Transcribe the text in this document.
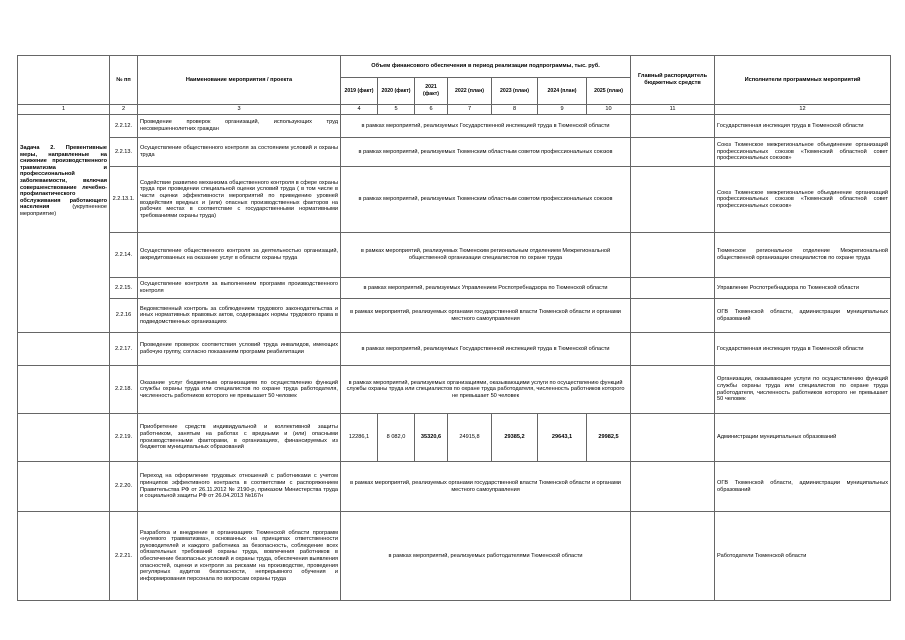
	№ пп	Наименование мероприятия / проекта	Объем финансового обеспечения в период реализации подпрограммы, тыс. руб.							Главный распорядитель бюджетных средств	Исполнители программных мероприятий
			2019 (факт)	2020 (факт)	2021 (факт)	2022 (план)	2023 (план)	2024 (план)	2025 (план)		
1	2	3	4	5	6	7	8	9	10	11	12
Задача 2. Превентивные меры, направленные на снижение производственного травматизма и профессиональной заболеваемости, включая совершенствование лечебно-профилактического обслуживания работающего населения (укрупненное мероприятие)	2.2.12.	Проведение проверок организаций, использующих труд несовершеннолетних граждан	в рамках мероприятий, реализуемых Государственной инспекцией труда в Тюменской области								Государственная инспекция труда в Тюменской области
	2.2.13.	Осуществление общественного контроля за состоянием условий и охраны труда	в рамках мероприятий, реализуемых Тюменским областным советом профессиональных союзов								Союз Тюменское межрегиональное объединение организаций профессиональных союзов «Тюменский областной совет профессиональных союзов»
	2.2.13.1.	Содействие развитию механизма общественного контроля в сфере охраны труда при проведении специальной оценки условий труда ( в том числе в части оценки эффективности мероприятий по приведению уровней воздействия вредных и (или) опасных производственных факторов на рабочих местах в соответствие с государственными нормативными требованиями охраны труда)	в рамках мероприятий, реализуемых Тюменским областным советом профессиональных союзов								Союз Тюменское межрегиональное объединение организаций профессиональных союзов «Тюменский областной совет профессиональных союзов»
	2.2.14.	Осуществление общественного контроля за деятельностью организаций, аккредитованных на оказание услуг в области охраны труда	в рамках мероприятий, реализуемых Тюменским региональным отделением Межрегиональной общественной организации специалистов по охране труда								Тюменское региональное отделение Межрегиональной общественной организации специалистов по охране труда
	2.2.15.	Осуществление контроля за выполнением программ производственного контроля	в рамках мероприятий, реализуемых Управлением Роспотребнадзора по Тюменской области								Управление Роспотребнадзора по Тюменской области
	2.2.16	Ведомственный контроль за соблюдением трудового законодательства и иных нормативных правовых актов, содержащих нормы трудового права в подведомственных организациях	в рамках мероприятий, реализуемых органами государственной власти Тюменской области и органами местного самоуправления								ОГВ Тюменской области, администрации муниципальных образований
	2.2.17.	Проведение проверок соответствия условий труда инвалидов, имеющих рабочую группу, согласно показаниям программ реабилитации	в рамках мероприятий, реализуемых Государственной инспекцией труда в Тюменской области								Государственная инспекция труда в Тюменской области
	2.2.18.	Оказание услуг бюджетным организациям по осуществлению функций службы охраны труда или специалистов по охране труда работодателя, численность работников которого не превышает 50 человек	в рамках мероприятий, реализуемых организациями, оказывающими услуги по осуществлению функций службы охраны труда или специалистов по охране труда работодателя, численность работников которого не превышает 50 человек								Организации, оказывающие услуги по осуществлению функций службы охраны труда или специалистов по охране труда работодателя, численность работников которого не превышает 50 человек
	2.2.19.	Приобретение средств индивидуальной и коллективной защиты работником, занятым на работах с вредными и (или) опасными производственными факторами, в организациях, финансируемых из бюджетов муниципальных образований	12286,1	8 082,0	35320,6	24915,8	29385,2	29643,1	29982,5		Администрации муниципальных образований
	2.2.20.	Переход на оформление трудовых отношений с работниками с учетом принципов эффективного контракта в соответствии с распоряжением Правительства РФ от 26.11.2012 № 2190-р, приказом Министерства труда и социальной защиты РФ от 26.04.2013 №167н	в рамках мероприятий, реализуемых органами государственной власти Тюменской области и органами местного самоуправления								ОГВ Тюменской области, администрации муниципальных образований
	2.2.21.	Разработка и внедрение в организациях Тюменской области программ «нулевого травматизма», основанных на принципах ответственности руководителей и каждого работника за безопасность, соблюдение всех обязательных требований охраны труда, вовлечения работников в обеспечение безопасных условий и охраны труда, обеспечения выявления опасностей, оценки и контроля за рисками на производстве, проведения регулярных аудитов безопасности, непрерывного обучения и информирования персонала по вопросам охраны труда	в рамках мероприятий, реализуемых работодателями Тюменской области								Работодатели Тюменской области
